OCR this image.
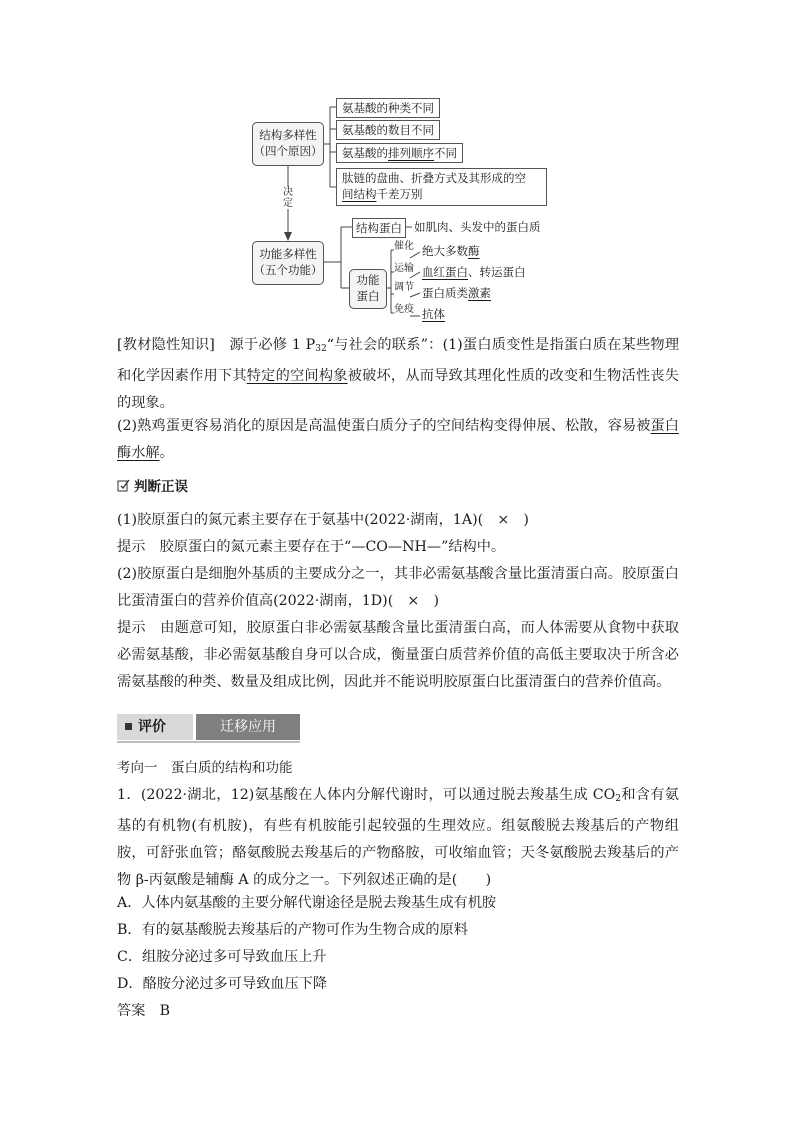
结构多样性
（四个原因）
氨基酸的种类不同
氨基酸的数目不同
氨基酸的排列顺序不同
肽链的盘曲、折叠方式及其形成的空
间结构千差万别
决
定
功能多样性
（五个功能）
结构蛋白	如肌肉、头发中的蛋白质
功能
蛋白
催化
运输
调节
免疫
绝大多数酶
血红蛋白、转运蛋白
蛋白质类激素
抗体
[教材隐性知识]　源于必修 1 $P_{32}“$与社会的联系”：(1)蛋白质变性是指蛋白质在某些物理和化学因素作用下其特定的空间构象被破坏，从而导致其理化性质的改变和生物活性丧失的现象。
(2)熟鸡蛋更容易消化的原因是高温使蛋白质分子的空间结构变得伸展、松散，容易被蛋白酶水解。
判断正误
(1)胶原蛋白的氮元素主要存在于氨基中(2022·湖南，1A)(　×　)
提示　胶原蛋白的氮元素主要存在于“—CO—NH—”结构中。
(2)胶原蛋白是细胞外基质的主要成分之一，其非必需氨基酸含量比蛋清蛋白高。胶原蛋白比蛋清蛋白的营养价值高(2022·湖南，1D)(　×　)
提示　由题意可知，胶原蛋白非必需氨基酸含量比蛋清蛋白高，而人体需要从食物中获取必需氨基酸，非必需氨基酸自身可以合成，衡量蛋白质营养价值的高低主要取决于所含必需氨基酸的种类、数量及组成比例，因此并不能说明胶原蛋白比蛋清蛋白的营养价值高。
评价	迁移应用
考向一　蛋白质的结构和功能
1．(2022·湖北，12)氨基酸在人体内分解代谢时，可以通过脱去羧基生成 $CO_2$和含有氨基的有机物(有机胺)，有些有机胺能引起较强的生理效应。组氨酸脱去羧基后的产物组胺，可舒张血管；酪氨酸脱去羧基后的产物酪胺，可收缩血管；天冬氨酸脱去羧基后的产物 β-丙氨酸是辅酶 A 的成分之一。下列叙述正确的是(　　)
A．人体内氨基酸的主要分解代谢途径是脱去羧基生成有机胺
B．有的氨基酸脱去羧基后的产物可作为生物合成的原料
C．组胺分泌过多可导致血压上升
D．酪胺分泌过多可导致血压下降
答案　B
